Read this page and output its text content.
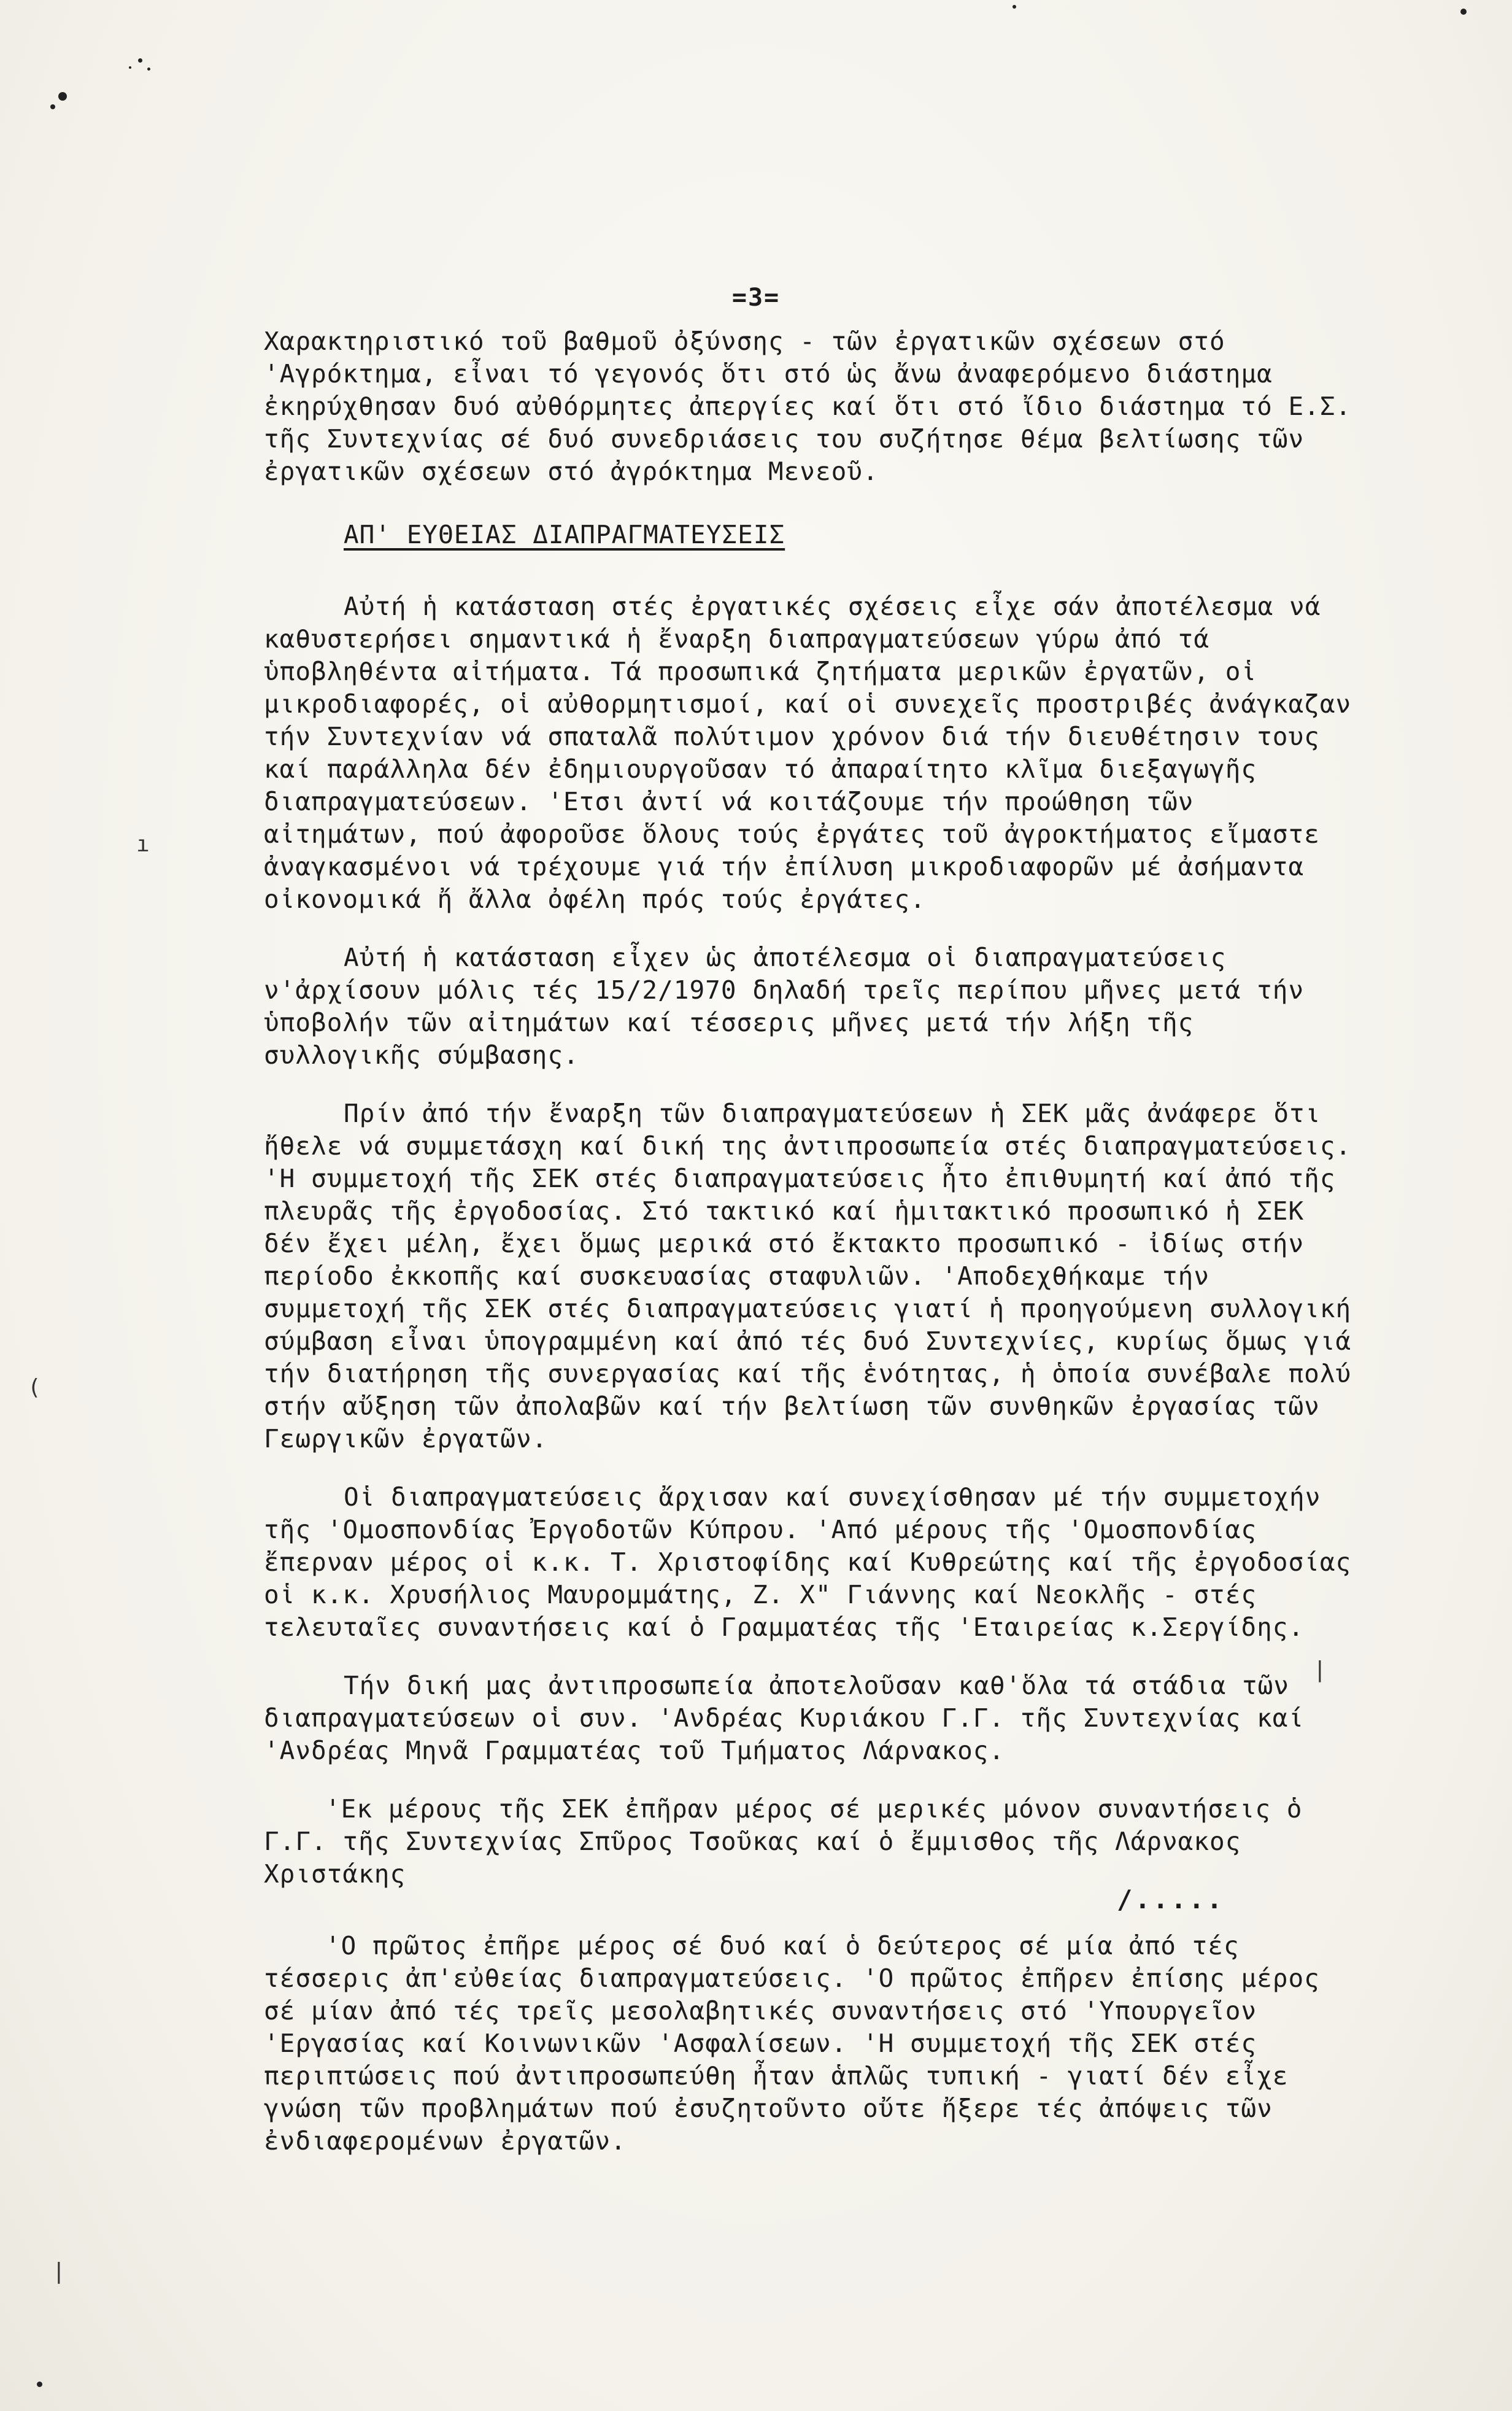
ı
(
|
|
=3=

Χαρακτηριστικό τοῦ βαθμοῦ ὀξύνσης - τῶν ἐργατικῶν σχέσεων στό 'Αγρόκτημα, εἶναι τό γεγονός ὅτι στό ὡς ἄνω ἀναφερόμενο διάστημα ἐκηρύχθησαν δυό αὐθόρμητες ἀπεργίες καί ὅτι στό ἴδιο διάστημα τό Ε.Σ. τῆς Συντεχνίας σέ δυό συνεδριάσεις του συζήτησε θέμα βελτίωσης τῶν ἐργατικῶν σχέσεων στό ἀγρόκτημα Μενεοῦ.

ΑΠ' ΕΥΘΕΙΑΣ ΔΙΑΠΡΑΓΜΑΤΕΥΣΕΙΣ

Αὐτή ἡ κατάσταση στές ἐργατικές σχέσεις εἶχε σάν ἀποτέλεσμα νά καθυστερήσει σημαντικά ἡ ἔναρξη διαπραγματεύσεων γύρω ἀπό τά ὑποβληθέντα αἰτήματα. Τά προσωπικά ζητήματα μερικῶν ἐργατῶν, οἱ μικροδιαφορές, οἱ αὐθορμητισμοί, καί οἱ συνεχεῖς προστριβές ἀνάγκαζαν τήν Συντεχνίαν νά σπαταλᾶ πολύτιμον χρόνον διά τήν διευθέτησιν τους καί παράλληλα δέν ἐδημιουργοῦσαν τό ἀπαραίτητο κλῖμα διεξαγωγῆς διαπραγματεύσεων. 'Ετσι ἀντί νά κοιτάζουμε τήν προώθηση τῶν αἰτημάτων, πού ἀφοροῦσε ὅλους τούς ἐργάτες τοῦ ἀγροκτήματος εἴμαστε ἀναγκασμένοι νά τρέχουμε γιά τήν ἐπίλυση μικροδιαφορῶν μέ ἀσήμαντα οἰκονομικά ἤ ἄλλα ὀφέλη πρός τούς ἐργάτες.

Αὐτή ἡ κατάσταση εἶχεν ὡς ἀποτέλεσμα οἱ διαπραγματεύσεις ν'ἀρχίσουν μόλις τές 15/2/1970 δηλαδή τρεῖς περίπου μῆνες μετά τήν ὑποβολήν τῶν αἰτημάτων καί τέσσερις μῆνες μετά τήν λήξη τῆς συλλογικῆς σύμβασης.

Πρίν ἀπό τήν ἔναρξη τῶν διαπραγματεύσεων ἡ ΣΕΚ μᾶς ἀνάφερε ὅτι ἤθελε νά συμμετάσχη καί δική της ἀντιπροσωπεία στές διαπραγματεύσεις. 'Η συμμετοχή τῆς ΣΕΚ στές διαπραγματεύσεις ἦτο ἐπιθυμητή καί ἀπό τῆς πλευρᾶς τῆς ἐργοδοσίας. Στό τακτικό καί ἡμιτακτικό προσωπικό ἡ ΣΕΚ δέν ἔχει μέλη, ἔχει ὅμως μερικά στό ἔκτακτο προσωπικό - ἰδίως στήν περίοδο ἐκκοπῆς καί συσκευασίας σταφυλιῶν. 'Αποδεχθήκαμε τήν συμμετοχή τῆς ΣΕΚ στές διαπραγματεύσεις γιατί ἡ προηγούμενη συλλογική σύμβαση εἶναι ὑπογραμμένη καί ἀπό τές δυό Συντεχνίες, κυρίως ὅμως γιά τήν διατήρηση τῆς συνεργασίας καί τῆς ἑνότητας, ἡ ὁποία συνέβαλε πολύ στήν αὔξηση τῶν ἀπολαβῶν καί τήν βελτίωση τῶν συνθηκῶν ἐργασίας τῶν Γεωργικῶν ἐργατῶν.

Οἱ διαπραγματεύσεις ἄρχισαν καί συνεχίσθησαν μέ τήν συμμετοχήν τῆς 'Ομοσπονδίας Ἐργοδοτῶν Κύπρου. 'Από μέρους τῆς 'Ομοσπονδίας ἔπερναν μέρος οἱ κ.κ. Τ. Χριστοφίδης καί Κυθρεώτης καί τῆς ἐργοδοσίας οἱ κ.κ. Χρυσήλιος Μαυρομμάτης, Ζ. Χ" Γιάννης καί Νεοκλῆς - στές τελευταῖες συναντήσεις καί ὁ Γραμματέας τῆς 'Εταιρείας κ.Σεργίδης.

Τήν δική μας ἀντιπροσωπεία ἀποτελοῦσαν καθ'ὅλα τά στάδια τῶν διαπραγματεύσεων οἱ συν. 'Ανδρέας Κυριάκου Γ.Γ. τῆς Συντεχνίας καί 'Ανδρέας Μηνᾶ Γραμματέας τοῦ Τμήματος Λάρνακος.

'Εκ μέρους τῆς ΣΕΚ ἐπῆραν μέρος σέ μερικές μόνον συναντήσεις ὁ Γ.Γ. τῆς Συντεχνίας Σπῦρος Τσοῦκας καί ὁ ἔμμισθος τῆς Λάρνακος Χριστάκης

'Ο πρῶτος ἐπῆρε μέρος σέ δυό καί ὁ δεύτερος σέ μία ἀπό τές τέσσερις ἀπ'εὐθείας διαπραγματεύσεις. 'Ο πρῶτος ἐπῆρεν ἐπίσης μέρος σέ μίαν ἀπό τές τρεῖς μεσολαβητικές συναντήσεις στό 'Υπουργεῖον 'Εργασίας καί Κοινωνικῶν 'Ασφαλίσεων. 'Η συμμετοχή τῆς ΣΕΚ στές περιπτώσεις πού ἀντιπροσωπεύθη ἦταν ἁπλῶς τυπική - γιατί δέν εἶχε γνώση τῶν προβλημάτων πού ἐσυζητοῦντο οὔτε ἤξερε τές ἀπόψεις τῶν ἐνδιαφερομένων ἐργατῶν.

/.....
